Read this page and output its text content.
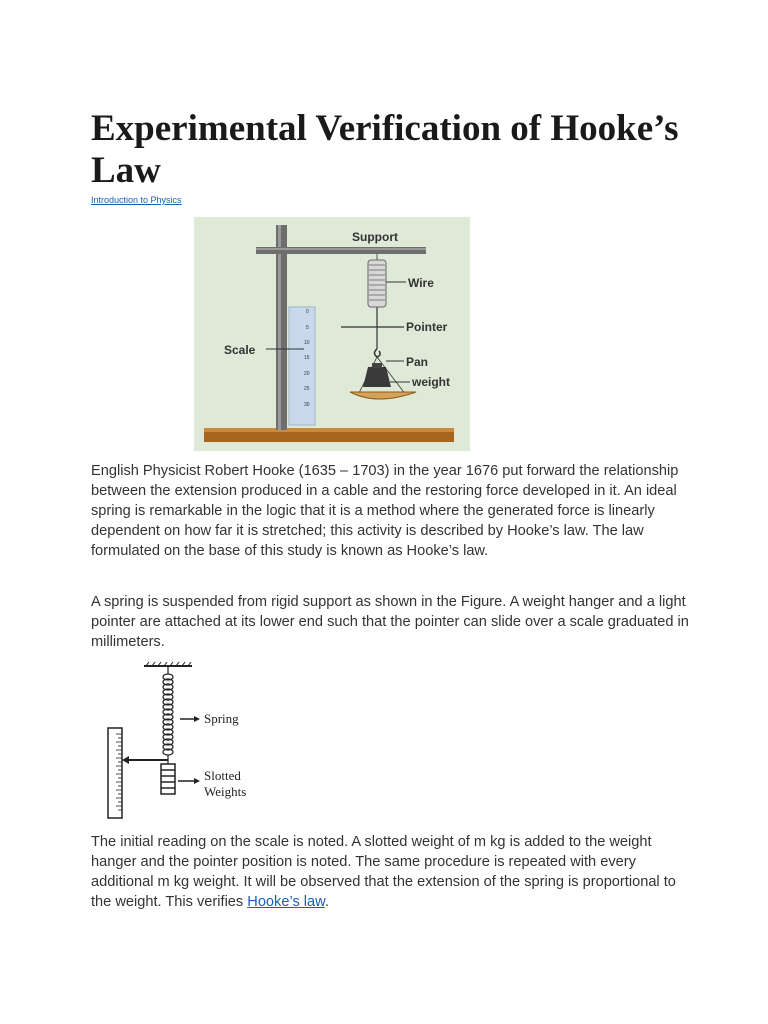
Experimental Verification of Hooke’s Law
Introduction to Physics
0
5
10
15
20
25
30
Support
Wire
Pointer
Pan
weight
Scale

English Physicist Robert Hooke (1635 – 1703) in the year 1676 put forward the relationship between the extension produced in a cable and the restoring force developed in it. An ideal spring is remarkable in the logic that it is a method where the generated force is linearly dependent on how far it is stretched; this activity is described by Hooke’s law. The law formulated on the base of this study is known as Hooke’s law.

A spring is suspended from rigid support as shown in the Figure. A weight hanger and a light pointer are attached at its lower end such that the pointer can slide over a scale graduated in millimeters.

Spring
Slotted
Weights

The initial reading on the scale is noted. A slotted weight of m kg is added to the weight hanger and the pointer position is noted. The same procedure is repeated with every additional m kg weight. It will be observed that the extension of the spring is proportional to the weight. This verifies Hooke’s law.
